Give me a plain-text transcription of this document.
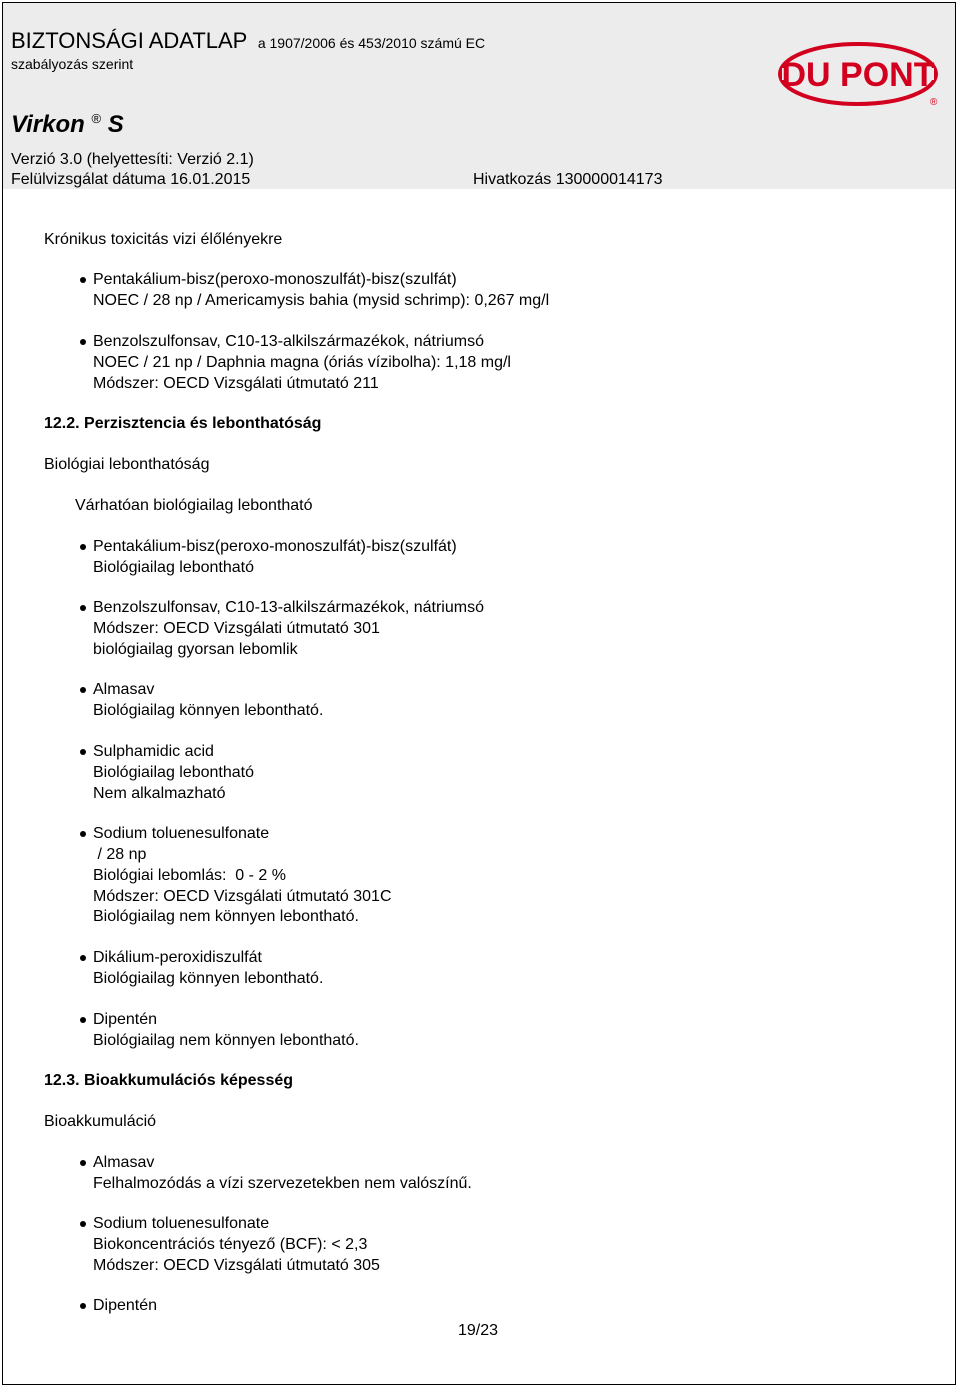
BIZTONSÁGI ADATLAP a 1907/2006 és 453/2010 számú EC
szabályozás szerint
Virkon ® S
Verzió 3.0 (helyettesíti: Verzió 2.1)
Felülvizsgálat dátuma 16.01.2015	Hivatkozás 130000014173
DU PONT
®
Krónikus toxicitás vizi élőlényekre
Pentakálium-bisz(peroxo-monoszulfát)-bisz(szulfát)
NOEC / 28 np / Americamysis bahia (mysid schrimp): 0,267 mg/l
Benzolszulfonsav, C10-13-alkilszármazékok, nátriumsó
NOEC / 21 np / Daphnia magna (óriás vízibolha): 1,18 mg/l
Módszer: OECD Vizsgálati útmutató 211
12.2. Perzisztencia és lebonthatóság
Biológiai lebonthatóság
Várhatóan biológiailag lebontható
Pentakálium-bisz(peroxo-monoszulfát)-bisz(szulfát)
Biológiailag lebontható
Benzolszulfonsav, C10-13-alkilszármazékok, nátriumsó
Módszer: OECD Vizsgálati útmutató 301
biológiailag gyorsan lebomlik
Almasav
Biológiailag könnyen lebontható.
Sulphamidic acid
Biológiailag lebontható
Nem alkalmazható
Sodium toluenesulfonate
/ 28 np
Biológiai lebomlás:  0 - 2 %
Módszer: OECD Vizsgálati útmutató 301C
Biológiailag nem könnyen lebontható.
Dikálium-peroxidiszulfát
Biológiailag könnyen lebontható.
Dipentén
Biológiailag nem könnyen lebontható.
12.3. Bioakkumulációs képesség
Bioakkumuláció
Almasav
Felhalmozódás a vízi szervezetekben nem valószínű.
Sodium toluenesulfonate
Biokoncentrációs tényező (BCF): < 2,3
Módszer: OECD Vizsgálati útmutató 305
Dipentén
19/23
